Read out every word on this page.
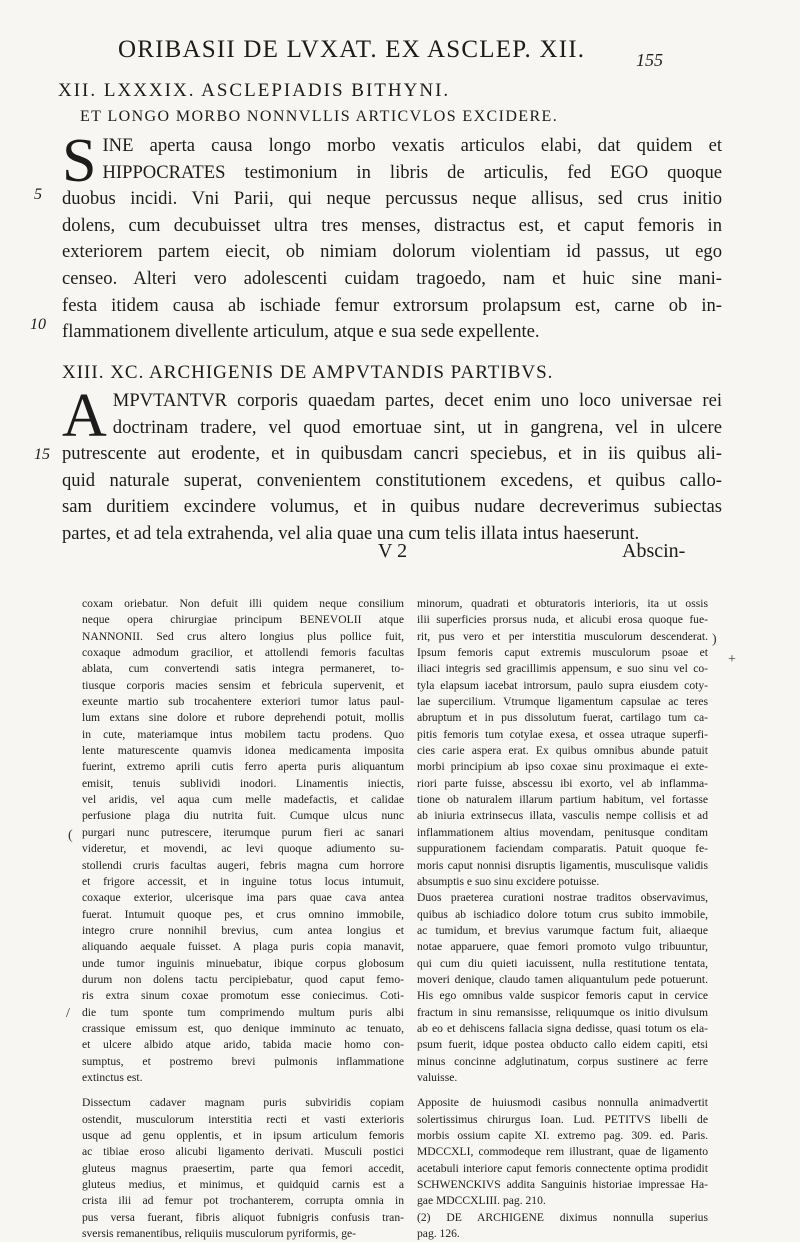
ORIBASII DE LVXAT. EX ASCLEP. XII.	155
XII. LXXXIX. ASCLEPIADIS BITHYNI.
ET LONGO MORBO NONNVLLIS ARTICVLOS EXCIDERE.
S INE aperta causa longo morbo vexatis articulos elabi, dat quidem et
HIPPOCRATES testimonium in libris de articulis, fed EGO quoque
duobus incidi. Vni Parii, qui neque percussus neque allisus, sed crus initio
dolens, cum decubuisset ultra tres menses, distractus est, et caput femoris in
exteriorem partem eiecit, ob nimiam dolorum violentiam id passus, ut ego
censeo. Alteri vero adolescenti cuidam tragoedo, nam et huic sine mani-
festa itidem causa ab ischiade femur extrorsum prolapsum est, carne ob in-
flammationem divellente articulum, atque e sua sede expellente.
5
10
XIII. XC. ARCHIGENIS DE AMPVTANDIS PARTIBVS.
A MPVTANTVR corporis quaedam partes, decet enim uno loco universae rei
doctrinam tradere, vel quod emortuae sint, ut in gangrena, vel in ulcere
putrescente aut erodente, et in quibusdam cancri speciebus, et in iis quibus ali-
quid naturale superat, convenientem constitutionem excedens, et quibus callo-
sam duritiem excindere volumus, et in quibus nudare decreverimus subiectas
partes, et ad tela extrahenda, vel alia quae una cum telis illata intus haeserunt.
15
V 2	Abscin-
coxam oriebatur. Non defuit illi quidem neque consilium
neque opera chirurgiae principum BENEVOLII atque
NANNONII. Sed crus altero longius plus pollice fuit,
coxaque admodum gracilior, et attollendi femoris facultas
ablata, cum convertendi satis integra permaneret, to-
tiusque corporis macies sensim et febricula supervenit, et
exeunte martio sub trocahentere exteriori tumor latus paul-
lum extans sine dolore et rubore deprehendi potuit, mollis
in cute, materiamque intus mobilem tactu prodens. Quo
lente maturescente quamvis idonea medicamenta imposita
fuerint, extremo aprili cutis ferro aperta puris aliquantum
emisit, tenuis sublividi inodori. Linamentis iniectis,
vel aridis, vel aqua cum melle madefactis, et calidae
perfusione plaga diu nutrita fuit. Cumque ulcus nunc
purgari nunc putrescere, iterumque purum fieri ac sanari
videretur, et movendi, ac levi quoque adiumento su-
stollendi cruris facultas augeri, febris magna cum horrore
et frigore accessit, et in inguine totus locus intumuit,
coxaque exterior, ulcerisque ima pars quae cava antea
fuerat. Intumuit quoque pes, et crus omnino immobile,
integro crure nonnihil brevius, cum antea longius et
aliquando aequale fuisset. A plaga puris copia manavit,
unde tumor inguinis minuebatur, ibique corpus globosum
durum non dolens tactu percipiebatur, quod caput femo-
ris extra sinum coxae promotum esse coniecimus. Coti-
die tum sponte tum comprimendo multum puris albi
crassique emissum est, quo denique imminuto ac tenuato,
et ulcere albido atque arido, tabida macie homo con-
sumptus, et postremo brevi pulmonis inflammatione
extinctus est.
Dissectum cadaver magnam puris subviridis copiam
ostendit, musculorum interstitia recti et vasti exterioris
usque ad genu opplentis, et in ipsum articulum femoris
ac tibiae eroso alicubi ligamento derivati. Musculi postici
gluteus magnus praesertim, parte qua femori accedit,
gluteus medius, et minimus, et quidquid carnis est a
crista ilii ad femur pot trochanterem, corrupta omnia in
pus versa fuerant, fibris aliquot fubnigris confusis tran-
sversis remanentibus, reliquiis musculorum pyriformis, ge-
minorum, quadrati et obturatoris interioris, ita ut ossis
ilii superficies prorsus nuda, et alicubi erosa quoque fue-
rit, pus vero et per interstitia musculorum descenderat.
Ipsum femoris caput extremis musculorum psoae et
iliaci integris sed gracillimis appensum, e suo sinu vel co-
tyla elapsum iacebat introrsum, paulo supra eiusdem coty-
lae supercilium. Vtrumque ligamentum capsulae ac teres
abruptum et in pus dissolutum fuerat, cartilago tum ca-
pitis femoris tum cotylae exesa, et ossea utraque superfi-
cies carie aspera erat. Ex quibus omnibus abunde patuit
morbi principium ab ipso coxae sinu proximaque ei exte-
riori parte fuisse, abscessu ibi exorto, vel ab inflamma-
tione ob naturalem illarum partium habitum, vel fortasse
ab iniuria extrinsecus illata, vasculis nempe collisis et ad
inflammationem altius movendam, penitusque conditam
suppurationem faciendam comparatis. Patuit quoque fe-
moris caput nonnisi disruptis ligamentis, musculisque validis
absumptis e suo sinu excidere potuisse.
Duos praeterea curationi nostrae traditos observavimus,
quibus ab ischiadico dolore totum crus subito immobile,
ac tumidum, et brevius varumque factum fuit, aliaeque
notae apparuere, quae femori promoto vulgo tribuuntur,
qui cum diu quieti iacuissent, nulla restitutione tentata,
moveri denique, claudo tamen aliquantulum pede potuerunt.
His ego omnibus valde suspicor femoris caput in cervice
fractum in sinu remansisse, reliquumque os initio divulsum
ab eo et dehiscens fallacia signa dedisse, quasi totum os ela-
psum fuerit, idque postea obducto callo eidem capiti, etsi
minus concinne adglutinatum, corpus sustinere ac ferre
valuisse.
Apposite de huiusmodi casibus nonnulla animadvertit
solertissimus chirurgus Ioan. Lud. PETITVS libelli de
morbis ossium capite XI. extremo pag. 309. ed. Paris.
MDCCXLI, commodeque rem illustrant, quae de ligamento
acetabuli interiore caput femoris connectente optima prodidit
SCHWENCKIVS addita Sanguinis historiae impressae Ha-
gae MDCCXLIII. pag. 210.
(2) DE ARCHIGENE diximus nonnulla superius
pag. 126.
)
+
/
(
